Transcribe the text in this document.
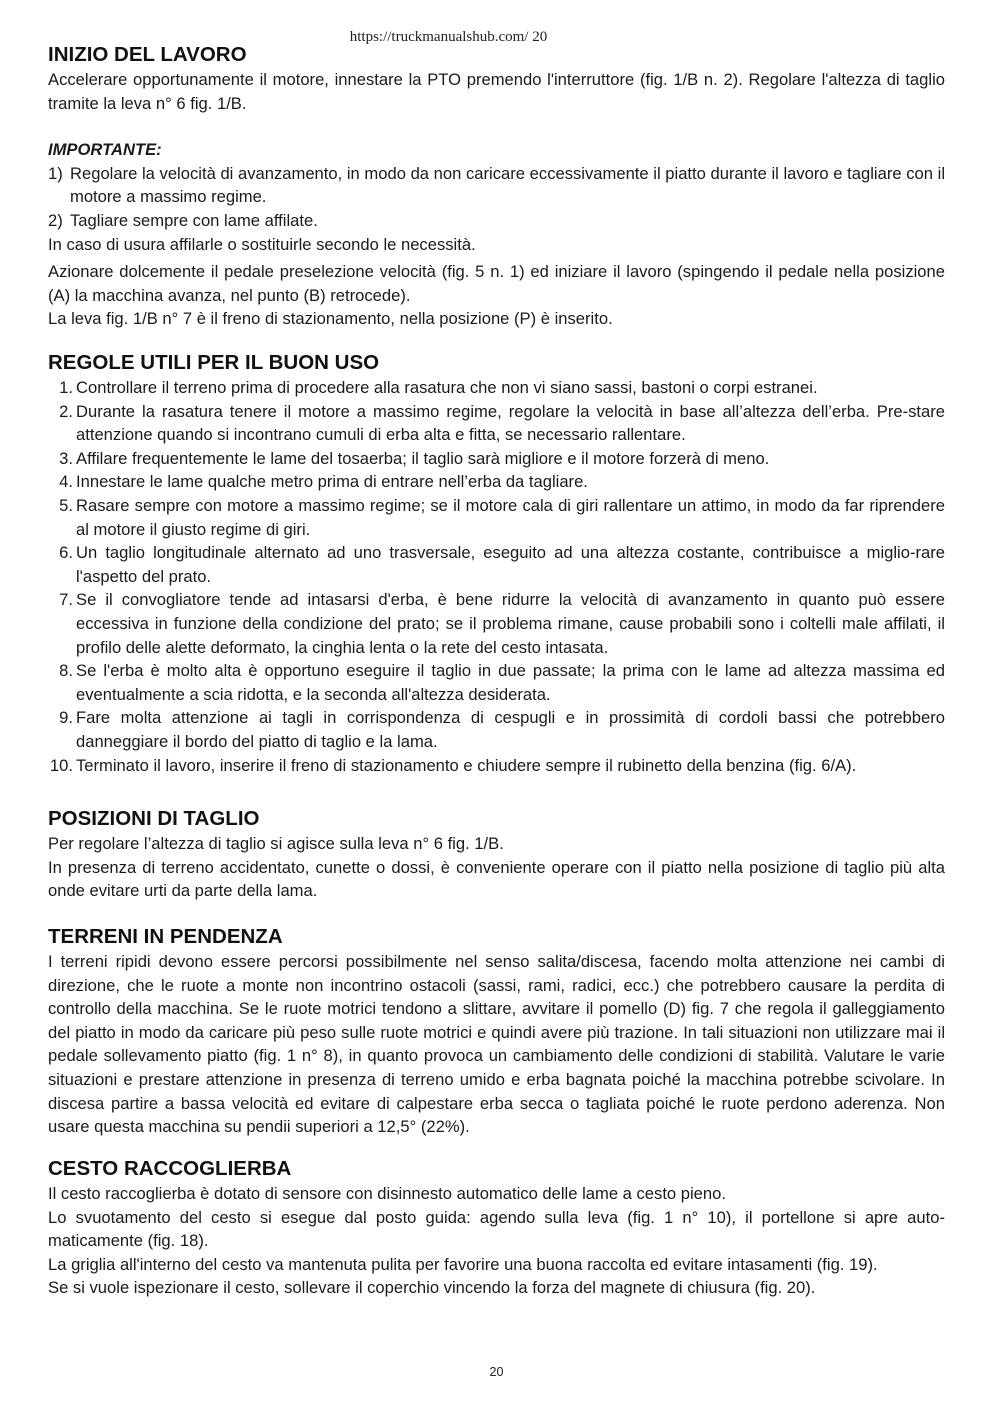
https://truckmanualshub.com/ 20
INIZIO DEL LAVORO

Accelerare opportunamente il motore, innestare la PTO premendo l'interruttore (fig. 1/B n. 2). Regolare l'altezza di taglio tramite la leva n° 6 fig. 1/B.

IMPORTANTE:

1) Regolare la velocità di avanzamento, in modo da non caricare eccessivamente il piatto durante il lavoro e tagliare con il motore a massimo regime.
2) Tagliare sempre con lame affilate.

In caso di usura affilarle o sostituirle secondo le necessità.

Azionare dolcemente il pedale preselezione velocità (fig. 5 n. 1) ed iniziare il lavoro (spingendo il pedale nella posizione (A) la macchina avanza, nel punto (B) retrocede).

La leva fig. 1/B n° 7 è il freno di stazionamento, nella posizione (P) è inserito.

REGOLE UTILI PER IL BUON USO
1. Controllare il terreno prima di procedere alla rasatura che non vi siano sassi, bastoni o corpi estranei.
2. Durante la rasatura tenere il motore a massimo regime, regolare la velocità in base all’altezza dell’erba. Pre-stare attenzione quando si incontrano cumuli di erba alta e fitta, se necessario rallentare.
3. Affilare frequentemente le lame del tosaerba; il taglio sarà migliore e il motore forzerà di meno.
4. Innestare le lame qualche metro prima di entrare nell’erba da tagliare.
5. Rasare sempre con motore a massimo regime; se il motore cala di giri rallentare un attimo, in modo da far riprendere al motore il giusto regime di giri.
6. Un taglio longitudinale alternato ad uno trasversale, eseguito ad una altezza costante, contribuisce a miglio-rare l'aspetto del prato.
7. Se il convogliatore tende ad intasarsi d'erba, è bene ridurre la velocità di avanzamento in quanto può essere eccessiva in funzione della condizione del prato; se il problema rimane, cause probabili sono i coltelli male affilati, il profilo delle alette deformato, la cinghia lenta o la rete del cesto intasata.
8. Se l'erba è molto alta è opportuno eseguire il taglio in due passate; la prima con le lame ad altezza massima ed eventualmente a scia ridotta, e la seconda all'altezza desiderata.
9. Fare molta attenzione ai tagli in corrispondenza di cespugli e in prossimità di cordoli bassi che potrebbero danneggiare il bordo del piatto di taglio e la lama.
10. Terminato il lavoro, inserire il freno di stazionamento e chiudere sempre il rubinetto della benzina (fig. 6/A).
POSIZIONI DI TAGLIO

Per regolare l’altezza di taglio si agisce sulla leva n° 6 fig. 1/B.

In presenza di terreno accidentato, cunette o dossi, è conveniente operare con il piatto nella posizione di taglio più alta onde evitare urti da parte della lama.

TERRENI IN PENDENZA

I terreni ripidi devono essere percorsi possibilmente nel senso salita/discesa, facendo molta attenzione nei cambi di direzione, che le ruote a monte non incontrino ostacoli (sassi, rami, radici, ecc.) che potrebbero causare la perdita di controllo della macchina. Se le ruote motrici tendono a slittare, avvitare il pomello (D) fig. 7 che regola il galleggiamento del piatto in modo da caricare più peso sulle ruote motrici e quindi avere più trazione. In tali situazioni non utilizzare mai il pedale sollevamento piatto (fig. 1 n° 8), in quanto provoca un cambiamento delle condizioni di stabilità. Valutare le varie situazioni e prestare attenzione in presenza di terreno umido e erba bagnata poiché la macchina potrebbe scivolare. In discesa partire a bassa velocità ed evitare di calpestare erba secca o tagliata poiché le ruote perdono aderenza. Non usare questa macchina su pendii superiori a 12,5° (22%).

CESTO RACCOGLIERBA

Il cesto raccoglierba è dotato di sensore con disinnesto automatico delle lame a cesto pieno.

Lo svuotamento del cesto si esegue dal posto guida: agendo sulla leva (fig. 1 n° 10), il portellone si apre auto-maticamente (fig. 18).

La griglia all'interno del cesto va mantenuta pulita per favorire una buona raccolta ed evitare intasamenti (fig. 19).

Se si vuole ispezionare il cesto, sollevare il coperchio vincendo la forza del magnete di chiusura (fig. 20).

20
